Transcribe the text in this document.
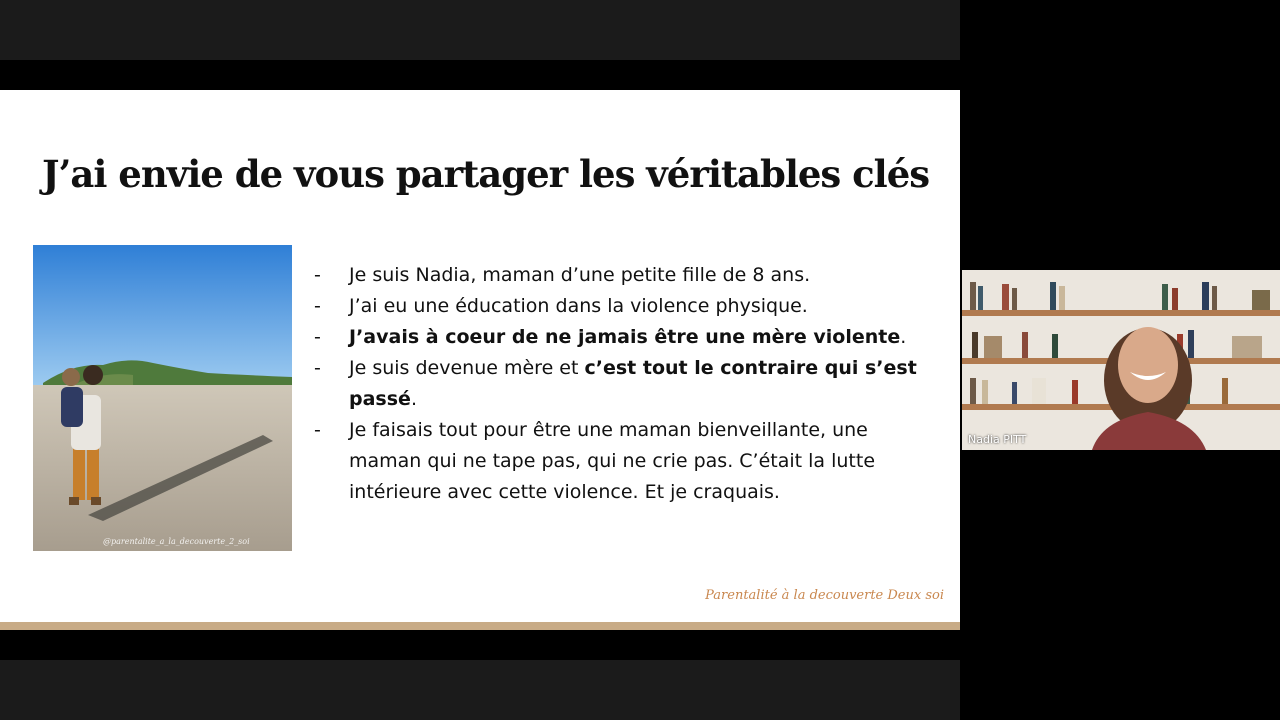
J’ai envie de vous partager les véritables clés
@parentalite_a_la_decouverte_2_soi
- Je suis Nadia, maman d’une petite fille de 8 ans.
- J’ai eu une éducation dans la violence physique.
- J’avais à coeur de ne jamais être une mère violente.
- Je suis devenue mère et c’est tout le contraire qui s’est passé.
- Je faisais tout pour être une maman bienveillante, une maman qui ne tape pas, qui ne crie pas. C’était la lutte intérieure avec cette violence. Et je craquais.
Parentalité à la decouverte Deux soi
Nadia PITT
